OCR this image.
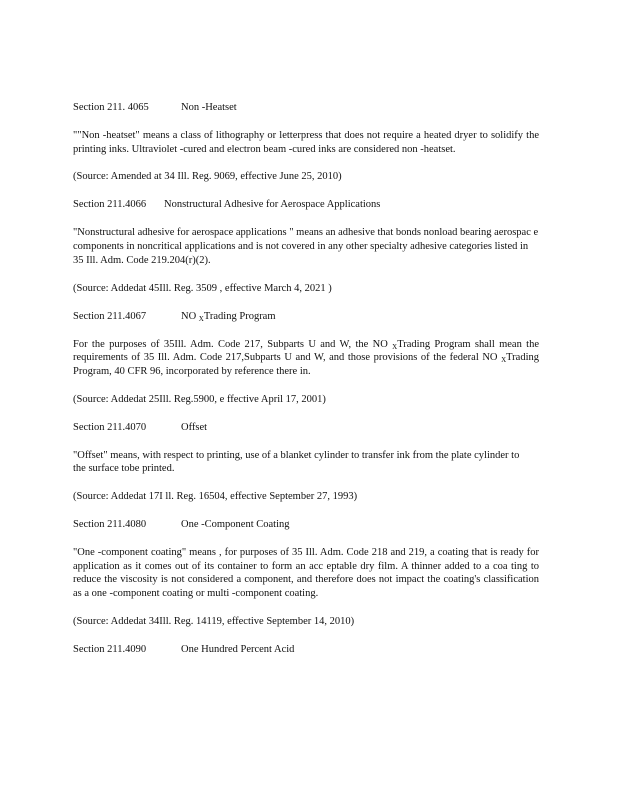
Section 211. 4065	Non -Heatset

""Non -heatset" means a class of lithography or letterpress that does not require a heated dryer to solidify the printing inks. Ultraviolet -cured and electron beam -cured inks are considered non -heatset.

(Source: Amended at 34 Ill. Reg. 9069, effective June 25, 2010)
Section 211.4066 Nonstructural Adhesive for Aerospace Applications

"Nonstructural adhesive for aerospace applications " means an adhesive that bonds nonload bearing aerospac e components in noncritical applications and is not covered in any other specialty adhesive categories listed in 35 Ill. Adm. Code 219.204(r)(2).

(Source: Addedat 45Ill. Reg. 3509 , effective March 4, 2021 )
Section 211.4067	NO $_X$Trading Program

For the purposes of 35Ill. Adm. Code 217, Subparts U and W, the NO $_X$Trading Program shall mean the requirements of 35 Ill. Adm. Code 217,Subparts U and W, and those provisions of the federal NO $_X$Trading Program, 40 CFR 96, incorporated by reference there in.

(Source: Addedat 25Ill. Reg.5900, e ffective April 17, 2001)
Section 211.4070	Offset

"Offset" means, with respect to printing, use of a blanket cylinder to transfer ink from the plate cylinder to the surface tobe printed.

(Source: Addedat 17I ll. Reg. 16504, effective September 27, 1993)
Section 211.4080	One -Component Coating

"One -component coating" means , for purposes of 35 Ill. Adm. Code 218 and 219, a coating that is ready for application as it comes out of its container to form an acc eptable dry film. A thinner added to a coa ting to reduce the viscosity is not considered a component, and therefore does not impact the coating's classification as a one -component coating or multi -component coating.

(Source: Addedat 34Ill. Reg. 14119, effective September 14, 2010)
Section 211.4090	One Hundred Percent Acid
